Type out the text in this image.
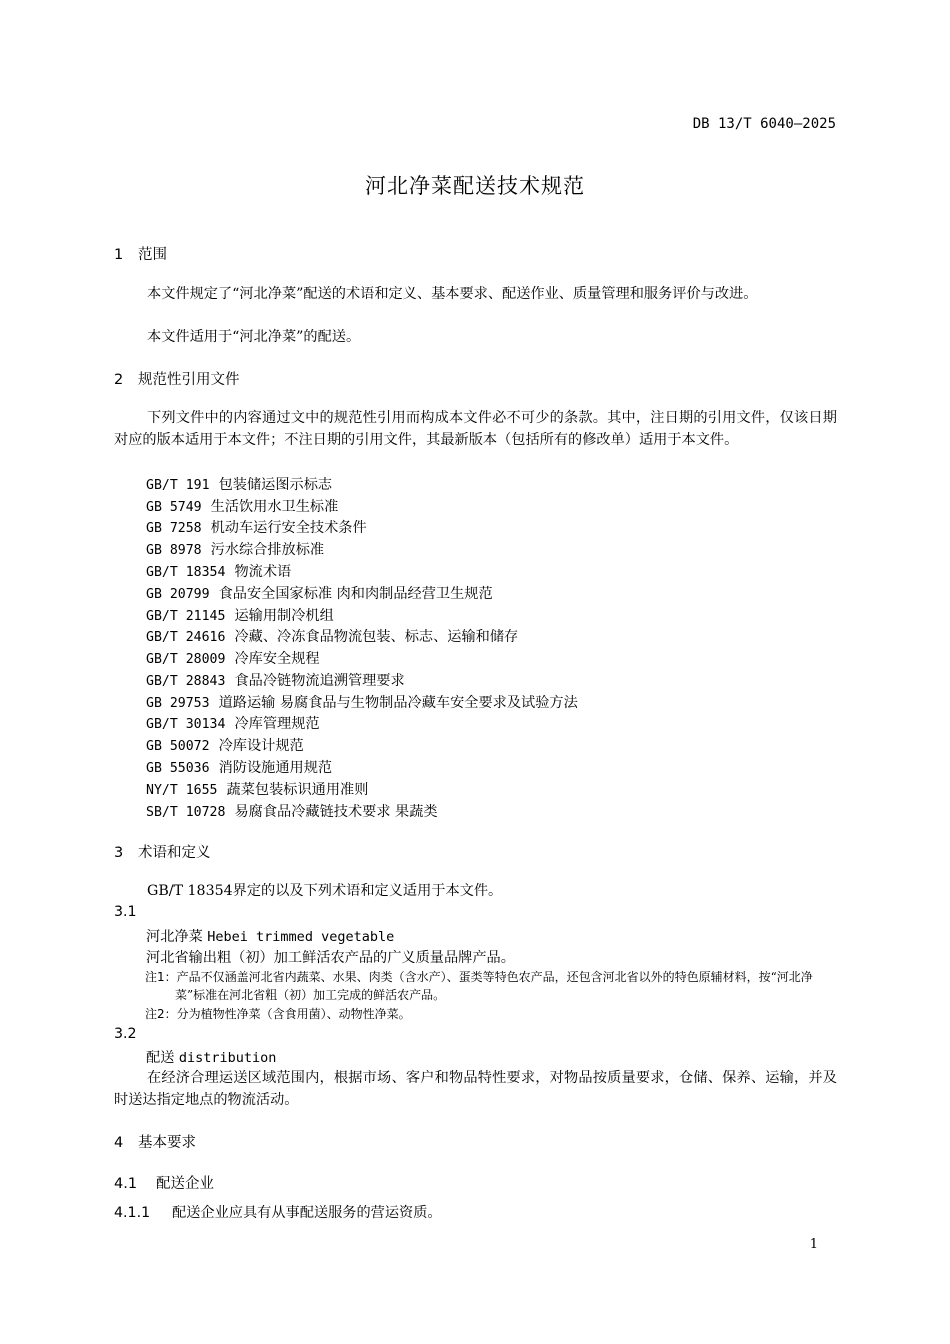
DB 13/T 6040—2025
河北净菜配送技术规范
1 范围
本文件规定了“河北净菜”配送的术语和定义、基本要求、配送作业、质量管理和服务评价与改进。
本文件适用于“河北净菜”的配送。
2 规范性引用文件
下列文件中的内容通过文中的规范性引用而构成本文件必不可少的条款。其中，注日期的引用文件，仅该日期对应的版本适用于本文件；不注日期的引用文件，其最新版本（包括所有的修改单）适用于本文件。
GB/T 191 包装储运图示标志
GB 5749 生活饮用水卫生标准
GB 7258 机动车运行安全技术条件
GB 8978 污水综合排放标准
GB/T 18354 物流术语
GB 20799 食品安全国家标准 肉和肉制品经营卫生规范
GB/T 21145 运输用制冷机组
GB/T 24616 冷藏、冷冻食品物流包装、标志、运输和储存
GB/T 28009 冷库安全规程
GB/T 28843 食品冷链物流追溯管理要求
GB 29753 道路运输 易腐食品与生物制品冷藏车安全要求及试验方法
GB/T 30134 冷库管理规范
GB 50072 冷库设计规范
GB 55036 消防设施通用规范
NY/T 1655 蔬菜包装标识通用准则
SB/T 10728 易腐食品冷藏链技术要求 果蔬类
3 术语和定义
GB/T 18354界定的以及下列术语和定义适用于本文件。
3.1
河北净菜 Hebei trimmed vegetable
河北省输出粗（初）加工鲜活农产品的广义质量品牌产品。
注1：产品不仅涵盖河北省内蔬菜、水果、肉类（含水产）、蛋类等特色农产品，还包含河北省以外的特色原辅材料，按“河北净菜”标准在河北省粗（初）加工完成的鲜活农产品。
注2：分为植物性净菜（含食用菌）、动物性净菜。
3.2
配送 distribution
在经济合理运送区域范围内，根据市场、客户和物品特性要求，对物品按质量要求，仓储、保养、运输，并及时送达指定地点的物流活动。
4 基本要求
4.1 配送企业
4.1.1 配送企业应具有从事配送服务的营运资质。
1
